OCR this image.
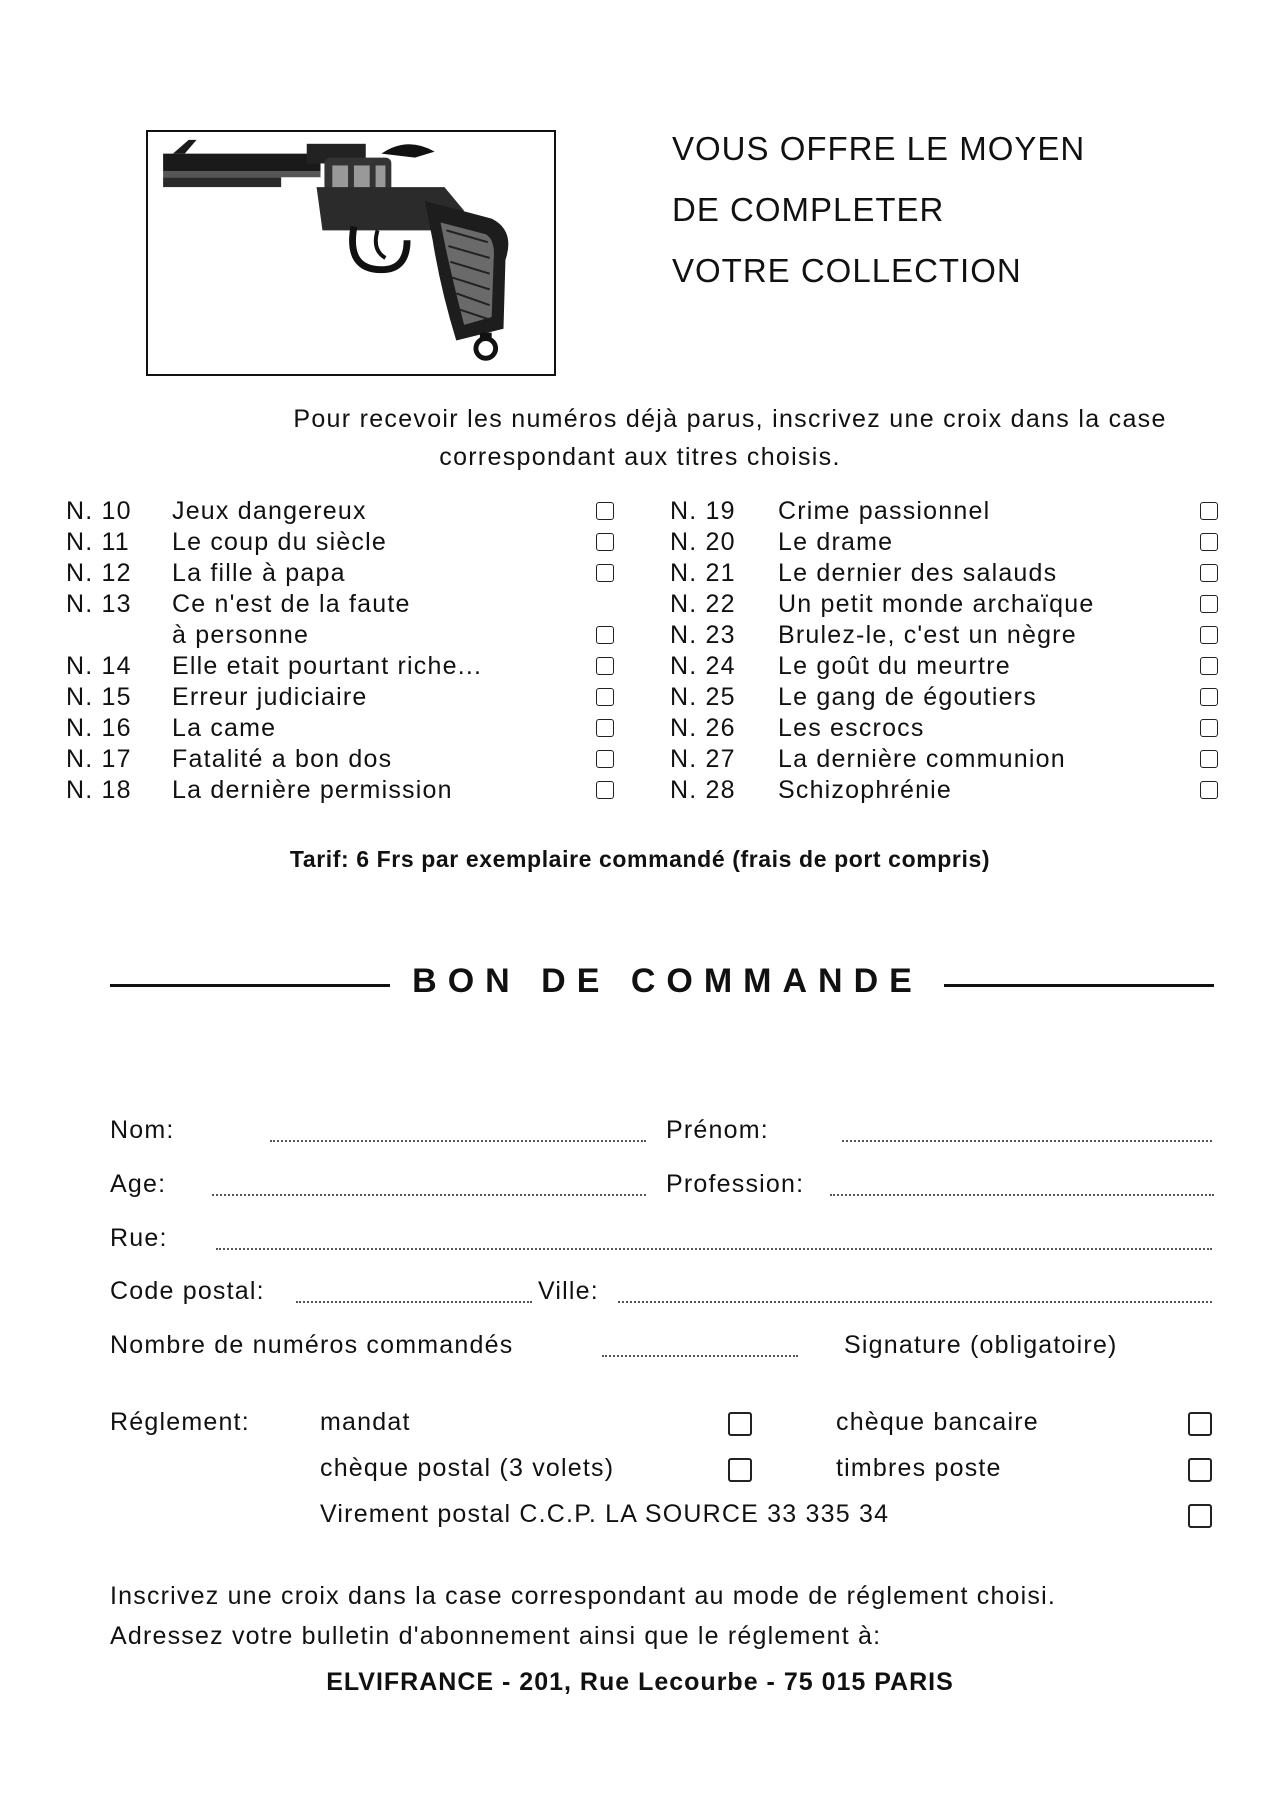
VOUS OFFRE LE MOYEN
DE COMPLETER
VOTRE COLLECTION
Pour recevoir les numéros déjà parus, inscrivez une croix dans la case
correspondant aux titres choisis.
N. 10 Jeux dangereux
N. 11 Le coup du siècle
N. 12 La fille à papa
N. 13 Ce n'est de la faute
à personne
N. 14 Elle etait pourtant riche...
N. 15 Erreur judiciaire
N. 16 La came
N. 17 Fatalité a bon dos
N. 18 La dernière permission
N. 19 Crime passionnel
N. 20 Le drame
N. 21 Le dernier des salauds
N. 22 Un petit monde archaïque
N. 23 Brulez-le, c'est un nègre
N. 24 Le goût du meurtre
N. 25 Le gang de égoutiers
N. 26 Les escrocs
N. 27 La dernière communion
N. 28 Schizophrénie
Tarif: 6 Frs par exemplaire commandé (frais de port compris)
BON DE COMMANDE
Nom:	Prénom:
Age:	Profession:
Rue:
Code postal:	Ville:
Nombre de numéros commandés	Signature (obligatoire)
Réglement:	mandat	chèque bancaire
chèque postal (3 volets)	timbres poste
Virement postal C.C.P. LA SOURCE 33 335 34
Inscrivez une croix dans la case correspondant au mode de réglement choisi.
Adressez votre bulletin d'abonnement ainsi que le réglement à:
ELVIFRANCE - 201, Rue Lecourbe - 75 015 PARIS
